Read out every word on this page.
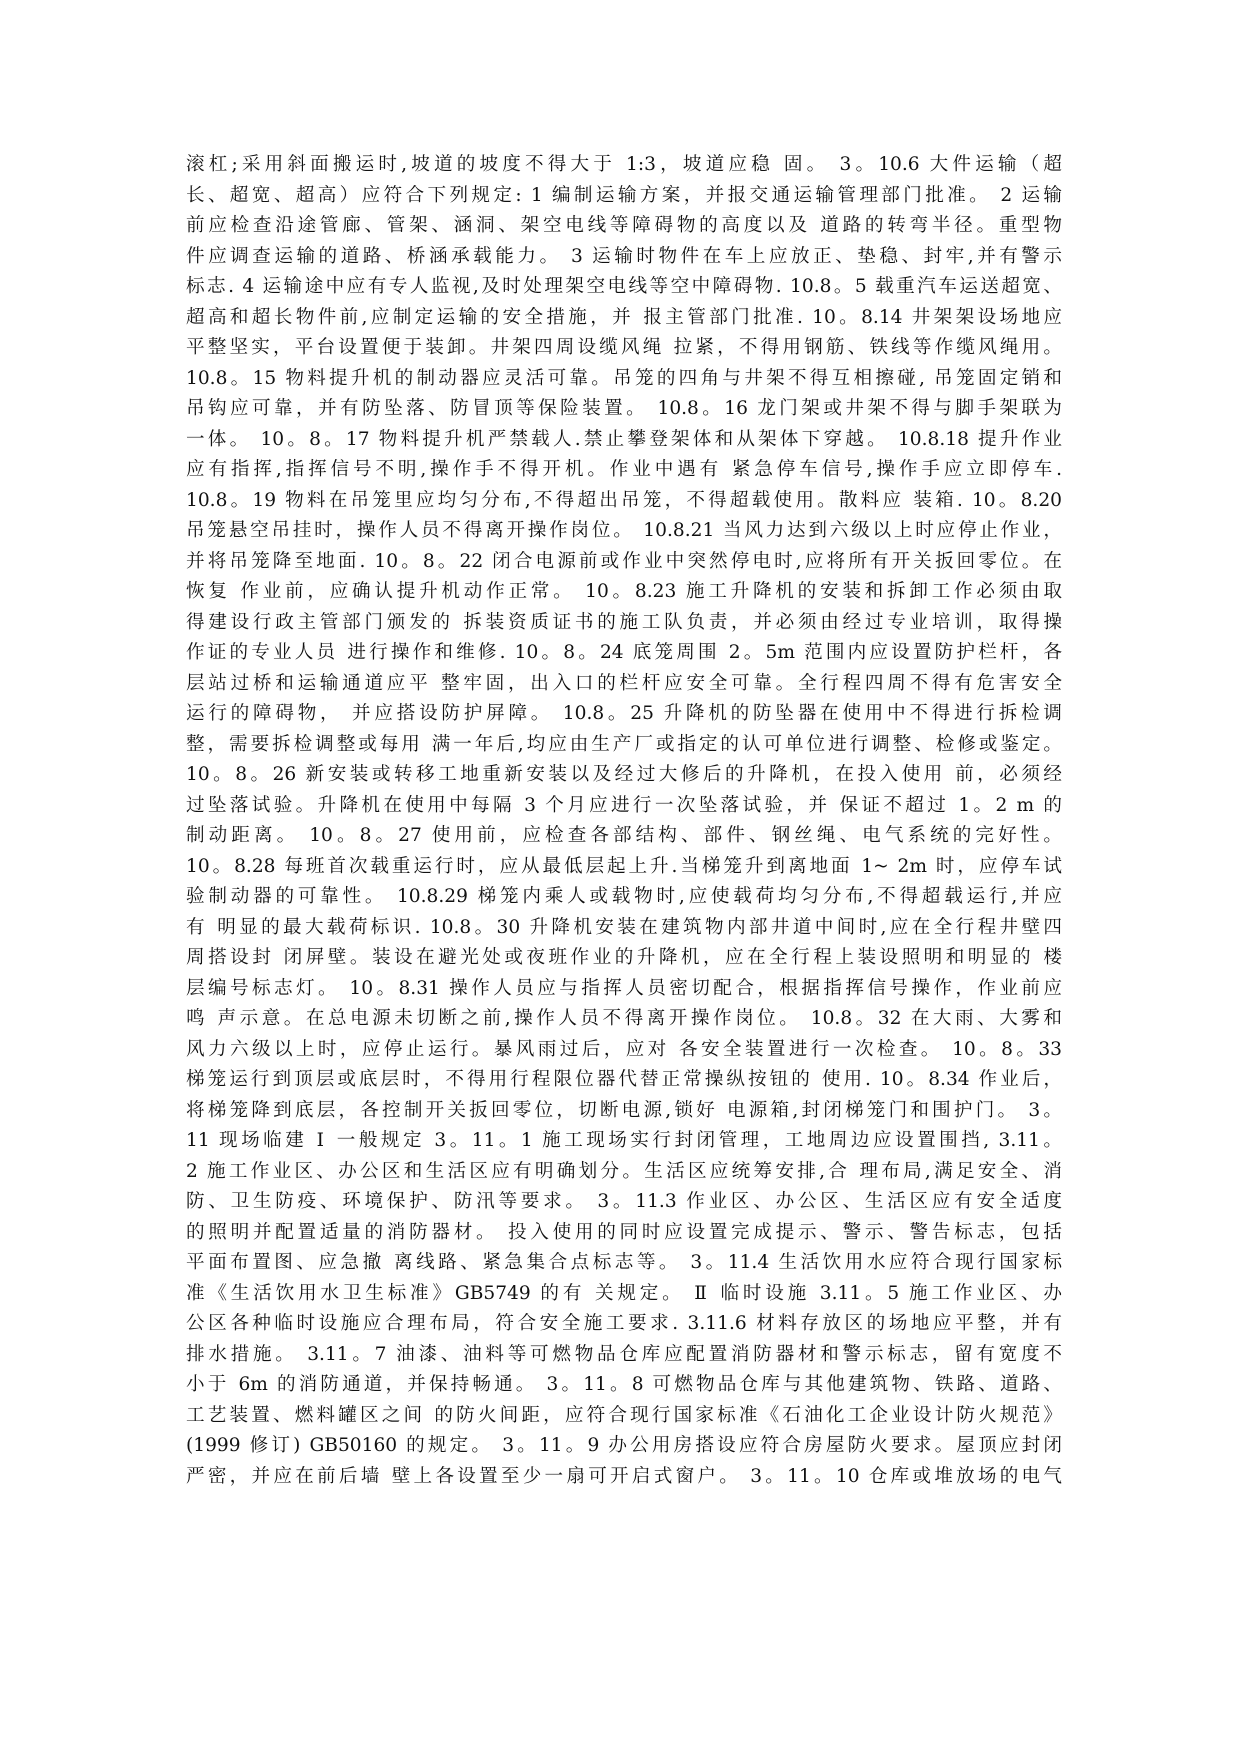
滚杠;采用斜面搬运时,坡道的坡度不得大于 1:3，坡道应稳 固。 3。10.6 大件运输（超
长、超宽、超高）应符合下列规定: 1 编制运输方案，并报交通运输管理部门批准。 2 运输
前应检查沿途管廊、管架、涵洞、架空电线等障碍物的高度以及 道路的转弯半径。重型物
件应调查运输的道路、桥涵承载能力。 3 运输时物件在车上应放正、垫稳、封牢,并有警示
标志. 4 运输途中应有专人监视,及时处理架空电线等空中障碍物. 10.8。5 载重汽车运送超宽、
超高和超长物件前,应制定运输的安全措施，并 报主管部门批准. 10。8.14 井架架设场地应
平整坚实，平台设置便于装卸。井架四周设缆风绳 拉紧，不得用钢筋、铁线等作缆风绳用。
10.8。15 物料提升机的制动器应灵活可靠。吊笼的四角与井架不得互相擦碰, 吊笼固定销和
吊钩应可靠，并有防坠落、防冒顶等保险装置。 10.8。16 龙门架或井架不得与脚手架联为
一体。 10。8。17 物料提升机严禁载人.禁止攀登架体和从架体下穿越。 10.8.18 提升作业
应有指挥,指挥信号不明,操作手不得开机。作业中遇有 紧急停车信号,操作手应立即停车.
10.8。19 物料在吊笼里应均匀分布,不得超出吊笼，不得超载使用。散料应 装箱. 10。8.20
吊笼悬空吊挂时，操作人员不得离开操作岗位。 10.8.21 当风力达到六级以上时应停止作业，
并将吊笼降至地面. 10。8。22 闭合电源前或作业中突然停电时,应将所有开关扳回零位。在
恢复 作业前，应确认提升机动作正常。 10。8.23 施工升降机的安装和拆卸工作必须由取
得建设行政主管部门颁发的 拆装资质证书的施工队负责，并必须由经过专业培训，取得操
作证的专业人员 进行操作和维修. 10。8。24 底笼周围 2。5m 范围内应设置防护栏杆，各
层站过桥和运输通道应平 整牢固，出入口的栏杆应安全可靠。全行程四周不得有危害安全
运行的障碍物， 并应搭设防护屏障。 10.8。25 升降机的防坠器在使用中不得进行拆检调
整，需要拆检调整或每用 满一年后,均应由生产厂或指定的认可单位进行调整、检修或鉴定。
10。8。26 新安装或转移工地重新安装以及经过大修后的升降机，在投入使用 前，必须经
过坠落试验。升降机在使用中每隔 3 个月应进行一次坠落试验，并 保证不超过 1。2 m 的
制动距离。 10。8。27 使用前，应检查各部结构、部件、钢丝绳、电气系统的完好性。
10。8.28 每班首次载重运行时，应从最低层起上升.当梯笼升到离地面 1~ 2m 时，应停车试
验制动器的可靠性。 10.8.29 梯笼内乘人或载物时,应使载荷均匀分布,不得超载运行,并应
有 明显的最大载荷标识. 10.8。30 升降机安装在建筑物内部井道中间时,应在全行程井壁四
周搭设封 闭屏壁。装设在避光处或夜班作业的升降机，应在全行程上装设照明和明显的 楼
层编号标志灯。 10。8.31 操作人员应与指挥人员密切配合，根据指挥信号操作，作业前应
鸣 声示意。在总电源未切断之前,操作人员不得离开操作岗位。 10.8。32 在大雨、大雾和
风力六级以上时，应停止运行。暴风雨过后，应对 各安全装置进行一次检查。 10。8。33
梯笼运行到顶层或底层时，不得用行程限位器代替正常操纵按钮的 使用. 10。8.34 作业后，
将梯笼降到底层，各控制开关扳回零位，切断电源,锁好 电源箱,封闭梯笼门和围护门。 3。
11 现场临建 Ⅰ 一般规定 3。11。1 施工现场实行封闭管理，工地周边应设置围挡, 3.11。
2 施工作业区、办公区和生活区应有明确划分。生活区应统筹安排,合 理布局,满足安全、消
防、卫生防疫、环境保护、防汛等要求。 3。11.3 作业区、办公区、生活区应有安全适度
的照明并配置适量的消防器材。 投入使用的同时应设置完成提示、警示、警告标志，包括
平面布置图、应急撤 离线路、紧急集合点标志等。 3。11.4 生活饮用水应符合现行国家标
准《生活饮用水卫生标准》GB5749 的有 关规定。 Ⅱ 临时设施 3.11。5 施工作业区、办
公区各种临时设施应合理布局，符合安全施工要求. 3.11.6 材料存放区的场地应平整，并有
排水措施。 3.11。7 油漆、油料等可燃物品仓库应配置消防器材和警示标志，留有宽度不
小于 6m 的消防通道，并保持畅通。 3。11。8 可燃物品仓库与其他建筑物、铁路、道路、
工艺装置、燃料罐区之间 的防火间距，应符合现行国家标准《石油化工企业设计防火规范》
(1999 修订) GB50160 的规定。 3。11。9 办公用房搭设应符合房屋防火要求。屋顶应封闭
严密，并应在前后墙 壁上各设置至少一扇可开启式窗户。 3。11。10 仓库或堆放场的电气
